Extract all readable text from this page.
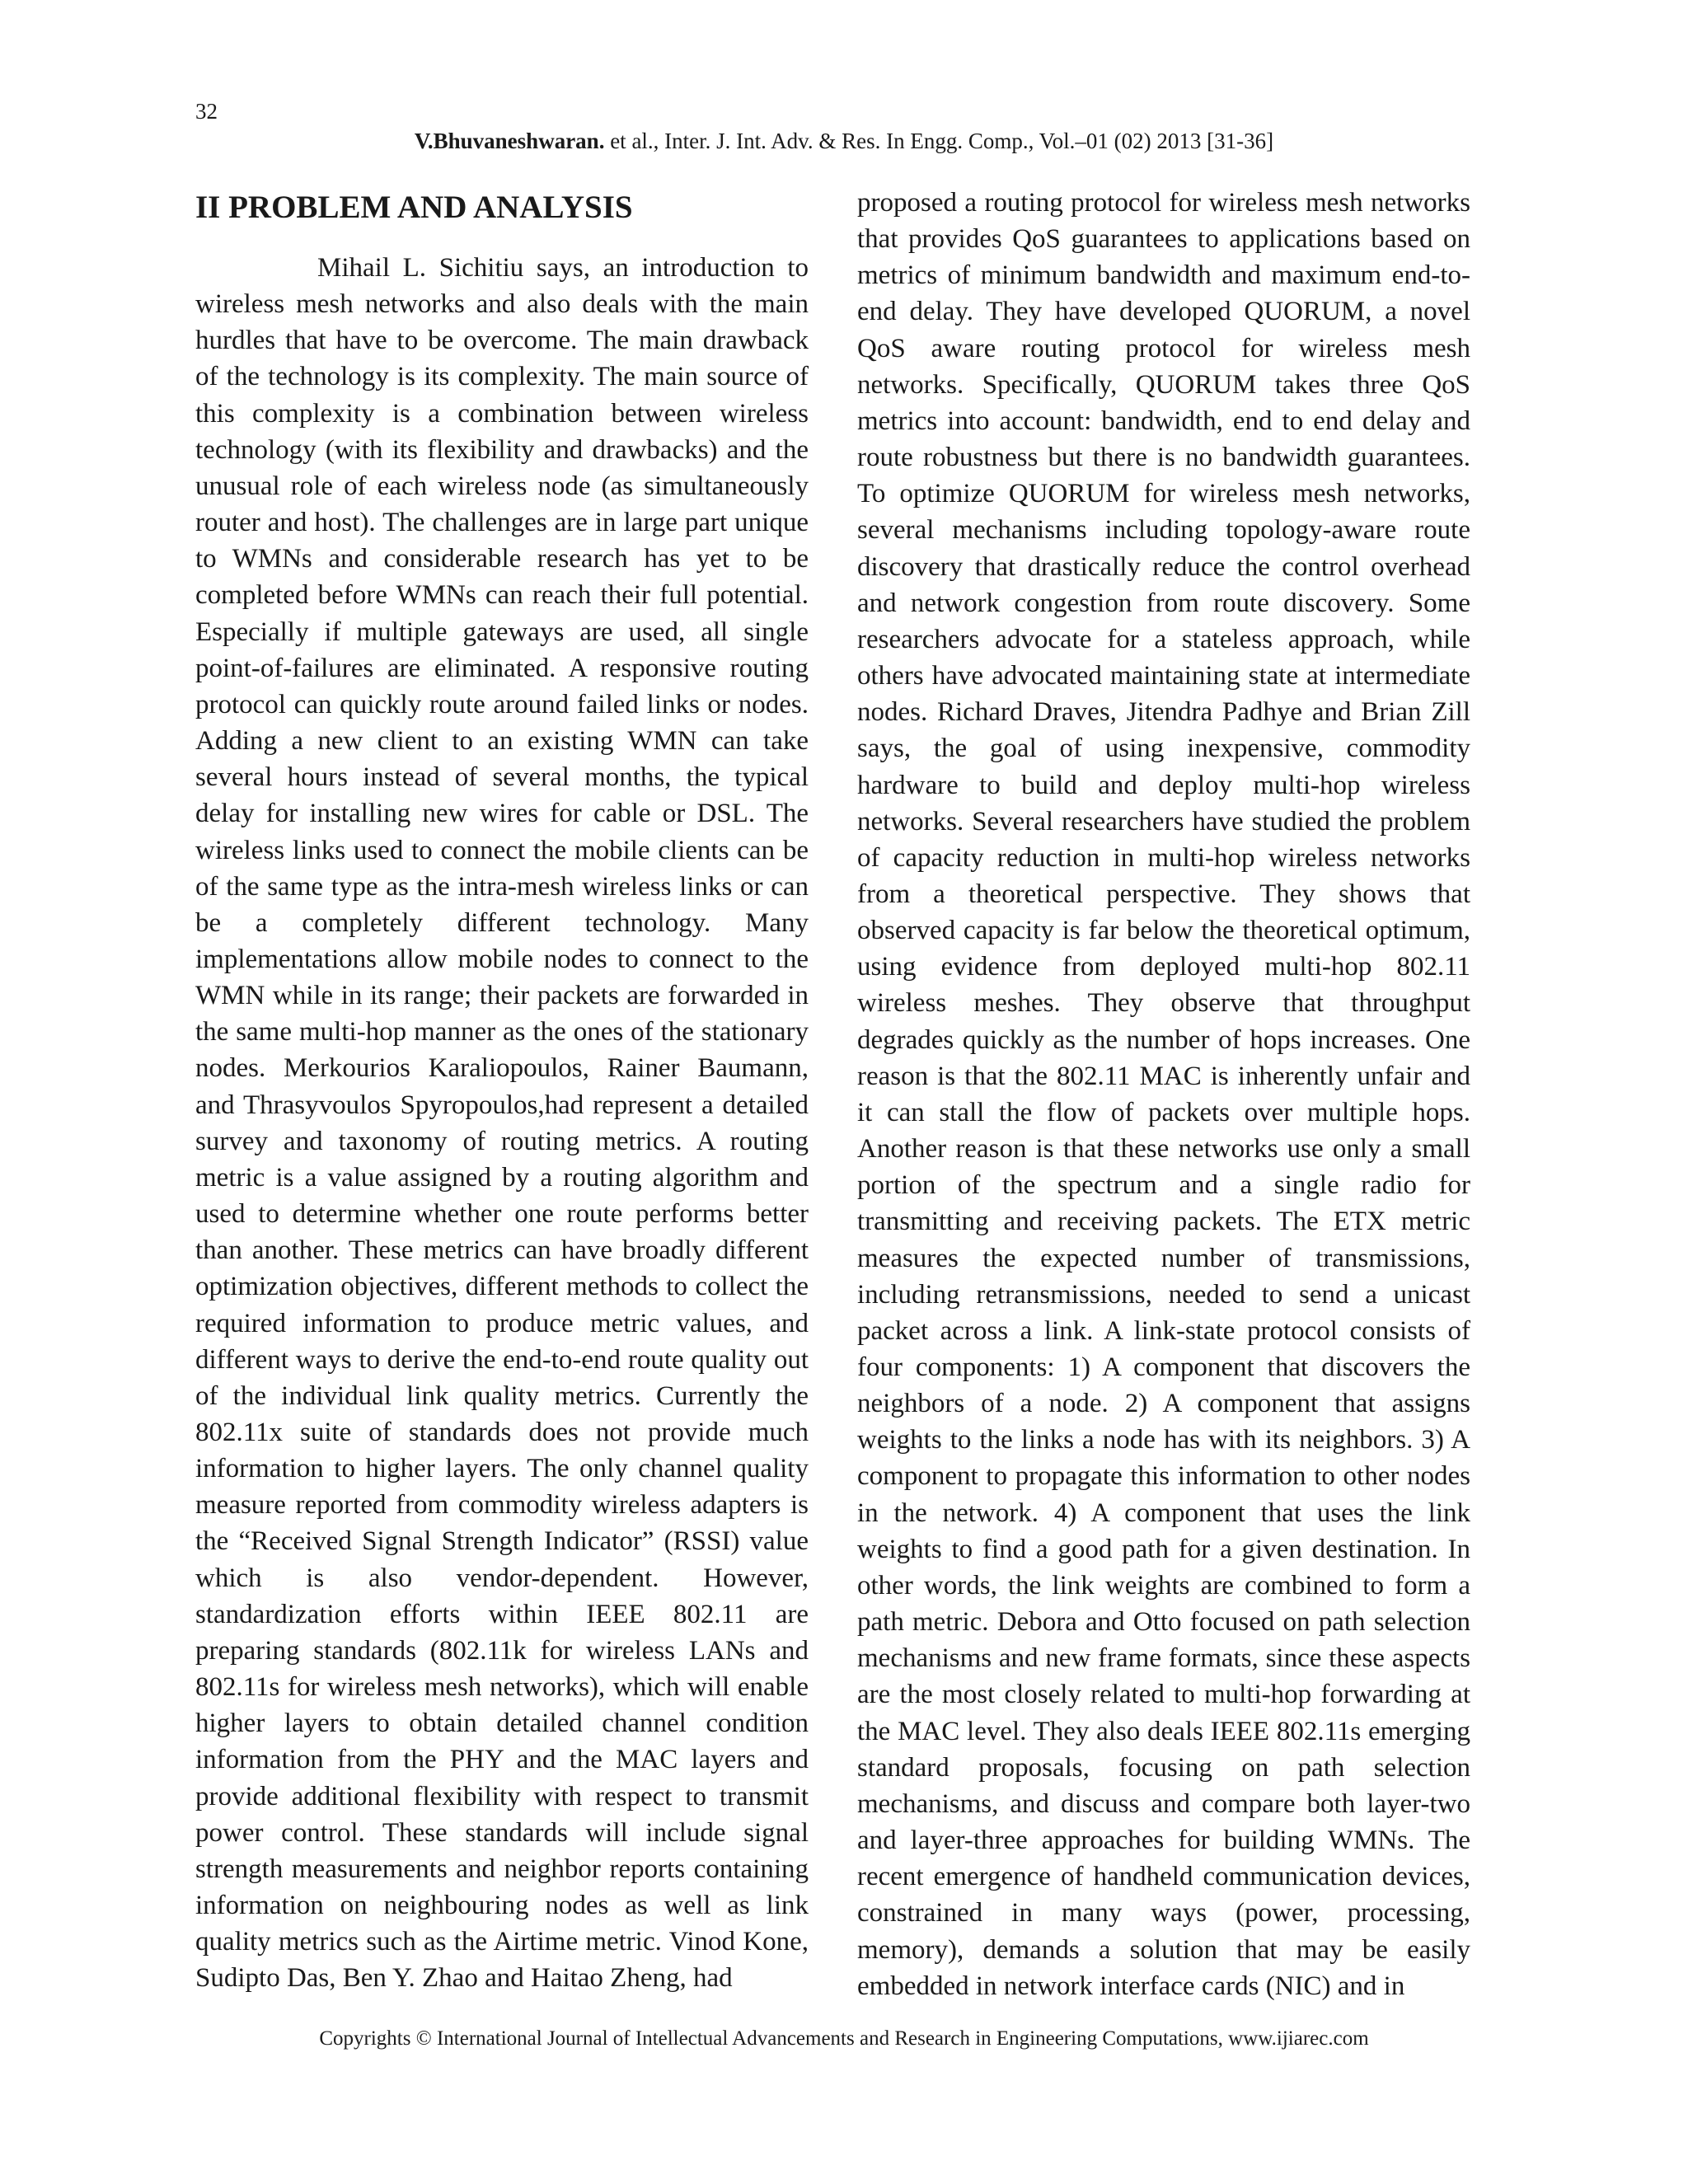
32
V.Bhuvaneshwaran. et al., Inter. J. Int. Adv. & Res. In Engg. Comp., Vol.–01 (02) 2013 [31-36]
II PROBLEM AND ANALYSIS

Mihail L. Sichitiu says, an introduction to wireless mesh networks and also deals with the main hurdles that have to be overcome. The main drawback of the technology is its complexity. The main source of this complexity is a combination between wireless technology (with its flexibility and drawbacks) and the unusual role of each wireless node (as simultaneously router and host). The challenges are in large part unique to WMNs and considerable research has yet to be completed before WMNs can reach their full potential. Especially if multiple gateways are used, all single point-of-failures are eliminated. A responsive routing protocol can quickly route around failed links or nodes. Adding a new client to an existing WMN can take several hours instead of several months, the typical delay for installing new wires for cable or DSL. The wireless links used to connect the mobile clients can be of the same type as the intra-mesh wireless links or can be a completely different technology. Many implementations allow mobile nodes to connect to the WMN while in its range; their packets are forwarded in the same multi-hop manner as the ones of the stationary nodes. Merkourios Karaliopoulos, Rainer Baumann, and Thrasyvoulos Spyropoulos,had represent a detailed survey and taxonomy of routing metrics. A routing metric is a value assigned by a routing algorithm and used to determine whether one route performs better than another. These metrics can have broadly different optimization objectives, different methods to collect the required information to produce metric values, and different ways to derive the end-to-end route quality out of the individual link quality metrics. Currently the 802.11x suite of standards does not provide much information to higher layers. The only channel quality measure reported from commodity wireless adapters is the “Received Signal Strength Indicator” (RSSI) value which is also vendor-dependent. However, standardization efforts within IEEE 802.11 are preparing standards (802.11k for wireless LANs and 802.11s for wireless mesh networks), which will enable higher layers to obtain detailed channel condition information from the PHY and the MAC layers and provide additional flexibility with respect to transmit power control. These standards will include signal strength measurements and neighbor reports containing information on neighbouring nodes as well as link quality metrics such as the Airtime metric. Vinod Kone, Sudipto Das, Ben Y. Zhao and Haitao Zheng, had

proposed a routing protocol for wireless mesh networks that provides QoS guarantees to applications based on metrics of minimum bandwidth and maximum end-to-end delay. They have developed QUORUM, a novel QoS aware routing protocol for wireless mesh networks. Specifically, QUORUM takes three QoS metrics into account: bandwidth, end to end delay and route robustness but there is no bandwidth guarantees. To optimize QUORUM for wireless mesh networks, several mechanisms including topology-aware route discovery that drastically reduce the control overhead and network congestion from route discovery. Some researchers advocate for a stateless approach, while others have advocated maintaining state at intermediate nodes. Richard Draves, Jitendra Padhye and Brian Zill says, the goal of using inexpensive, commodity hardware to build and deploy multi-hop wireless networks. Several researchers have studied the problem of capacity reduction in multi-hop wireless networks from a theoretical perspective. They shows that observed capacity is far below the theoretical optimum, using evidence from deployed multi-hop 802.11 wireless meshes. They observe that throughput degrades quickly as the number of hops increases. One reason is that the 802.11 MAC is inherently unfair and it can stall the flow of packets over multiple hops. Another reason is that these networks use only a small portion of the spectrum and a single radio for transmitting and receiving packets. The ETX metric measures the expected number of transmissions, including retransmissions, needed to send a unicast packet across a link. A link-state protocol consists of four components: 1) A component that discovers the neighbors of a node. 2) A component that assigns weights to the links a node has with its neighbors. 3) A component to propagate this information to other nodes in the network. 4) A component that uses the link weights to find a good path for a given destination. In other words, the link weights are combined to form a path metric. Debora and Otto focused on path selection mechanisms and new frame formats, since these aspects are the most closely related to multi-hop forwarding at the MAC level. They also deals IEEE 802.11s emerging standard proposals, focusing on path selection mechanisms, and discuss and compare both layer-two and layer-three approaches for building WMNs. The recent emergence of handheld communication devices, constrained in many ways (power, processing, memory), demands a solution that may be easily embedded in network interface cards (NIC) and in

Copyrights © International Journal of Intellectual Advancements and Research in Engineering Computations, www.ijiarec.com
